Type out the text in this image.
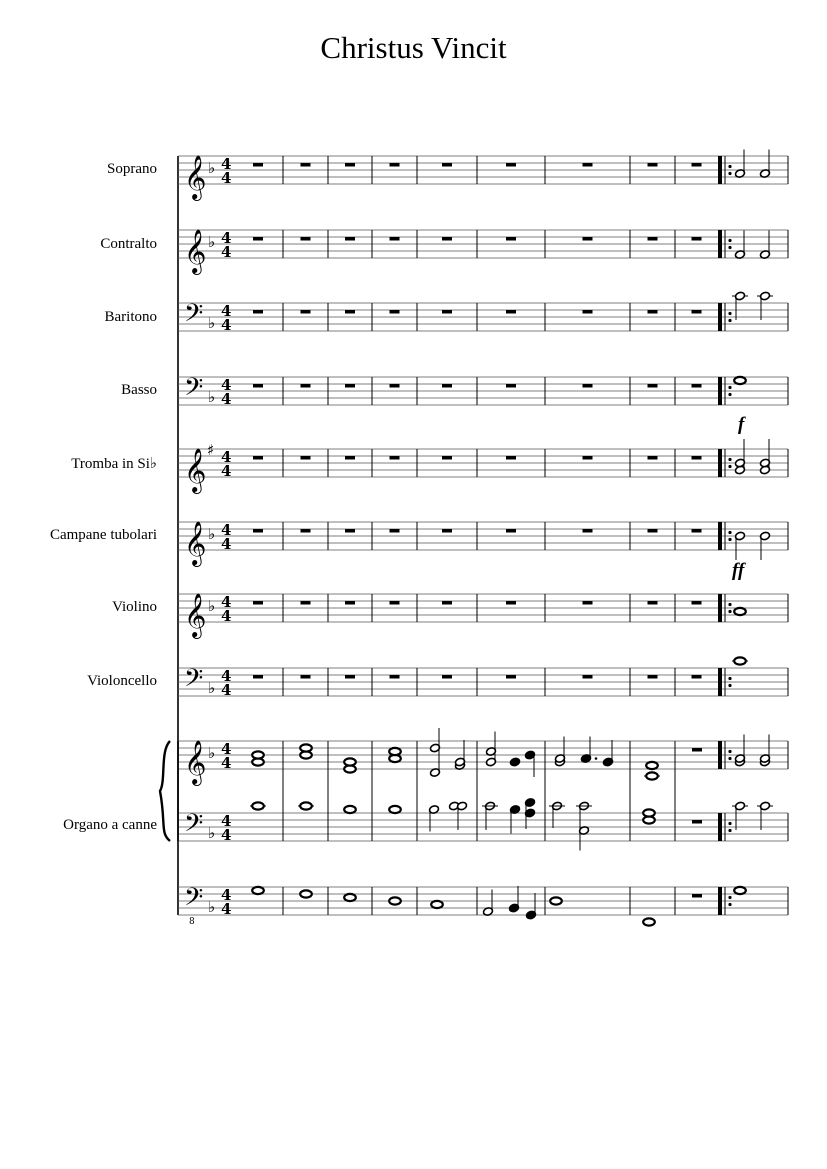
Christus Vincit
Soprano
Contralto
Baritono
Basso
Tromba in Si♭
Campane tubolari
Violino
Violoncello
Organo a canne
f
ff
𝄞 ♭ 4
4
𝄞 ♭ 4
4
𝄢 ♭
4
4
𝄢 ♭
4
4
𝄞 ♯ 4
4
𝄞 ♭ 4
4
𝄞 ♭ 4
4
𝄢 ♭
4
4
𝄞 ♭ 4
4
𝄢 ♭
4
4
𝄢
8
♭
4
4
